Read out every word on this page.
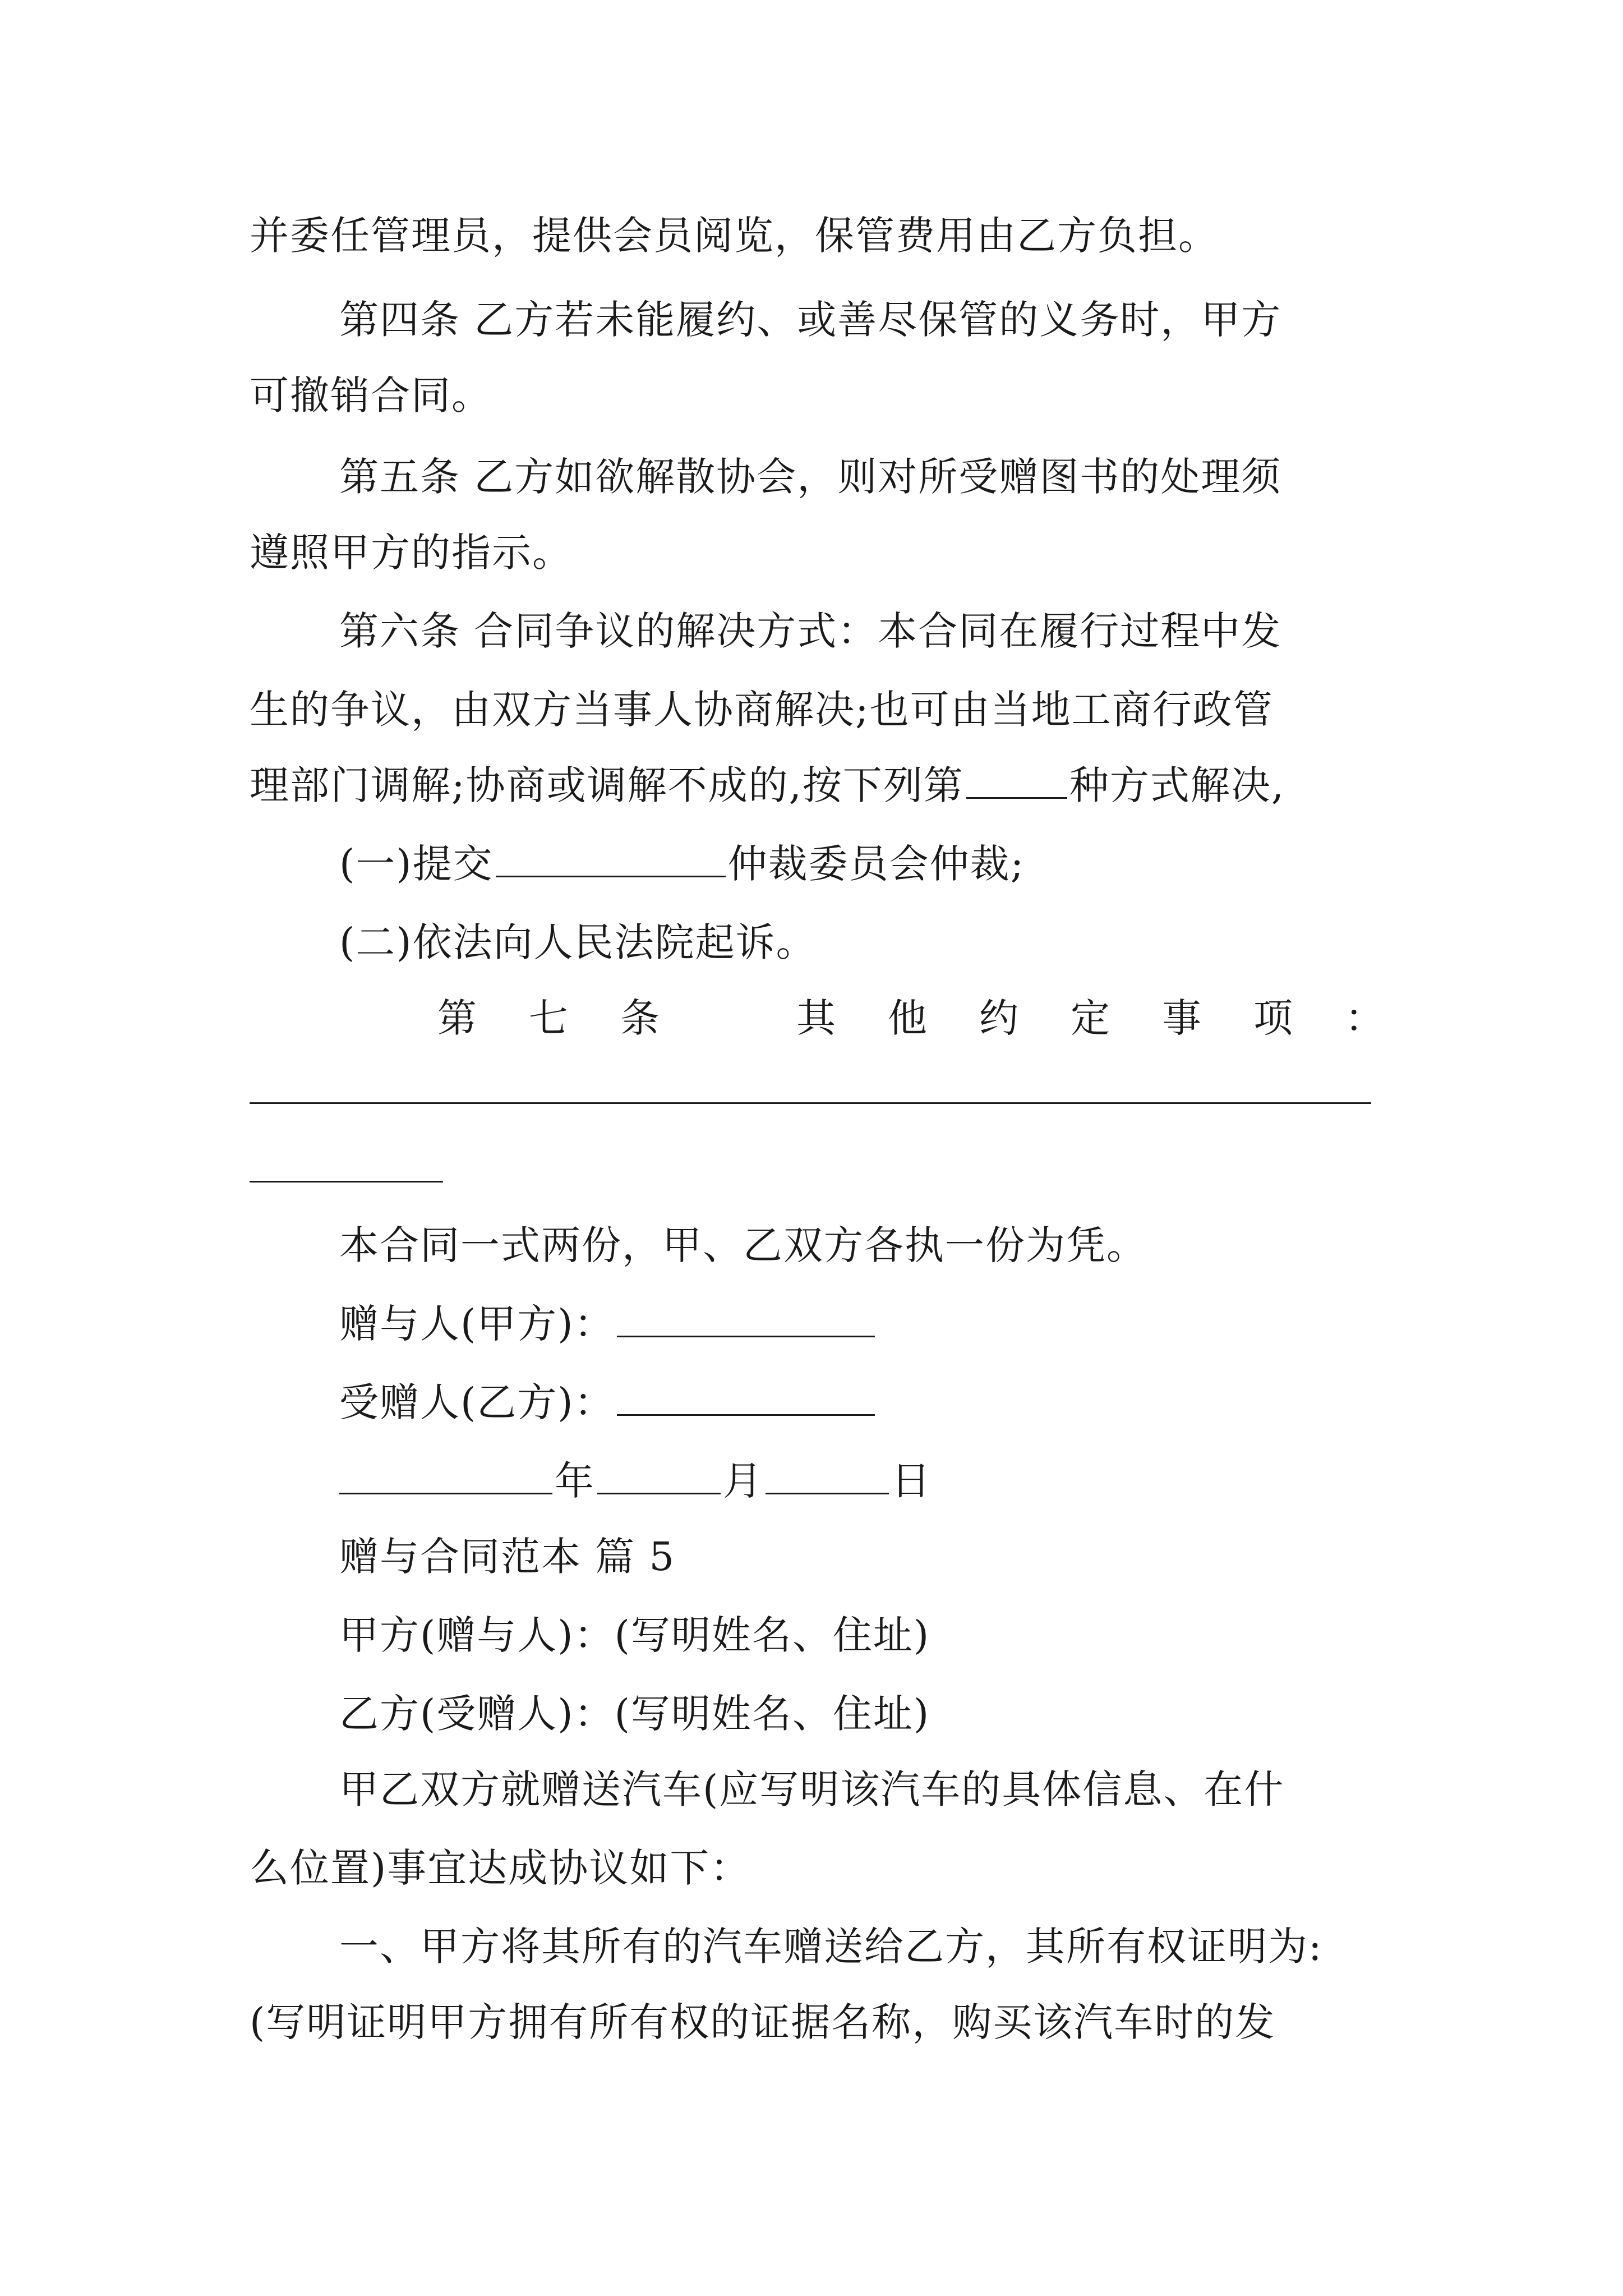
并委任管理员，提供会员阅览，保管费用由乙方负担。
第四条 乙方若未能履约、或善尽保管的义务时，甲方
可撤销合同。
第五条 乙方如欲解散协会，则对所受赠图书的处理须
遵照甲方的指示。
第六条 合同争议的解决方式：本合同在履行过程中发
生的争议，由双方当事人协商解决;也可由当地工商行政管
理部门调解;协商或调解不成的,按下列第	种方式解决,
(一)提交	仲裁委员会仲裁;
(二)依法向人民法院起诉。
第 七 条	其 他 约 定 事 项 ：
本合同一式两份，甲、乙双方各执一份为凭。
赠与人(甲方)：
受赠人(乙方)：
年	月	日
赠与合同范本 篇 5
甲方(赠与人)：(写明姓名、住址)
乙方(受赠人)：(写明姓名、住址)
甲乙双方就赠送汽车(应写明该汽车的具体信息、在什
么位置)事宜达成协议如下：
一、甲方将其所有的汽车赠送给乙方，其所有权证明为:
(写明证明甲方拥有所有权的证据名称，购买该汽车时的发
